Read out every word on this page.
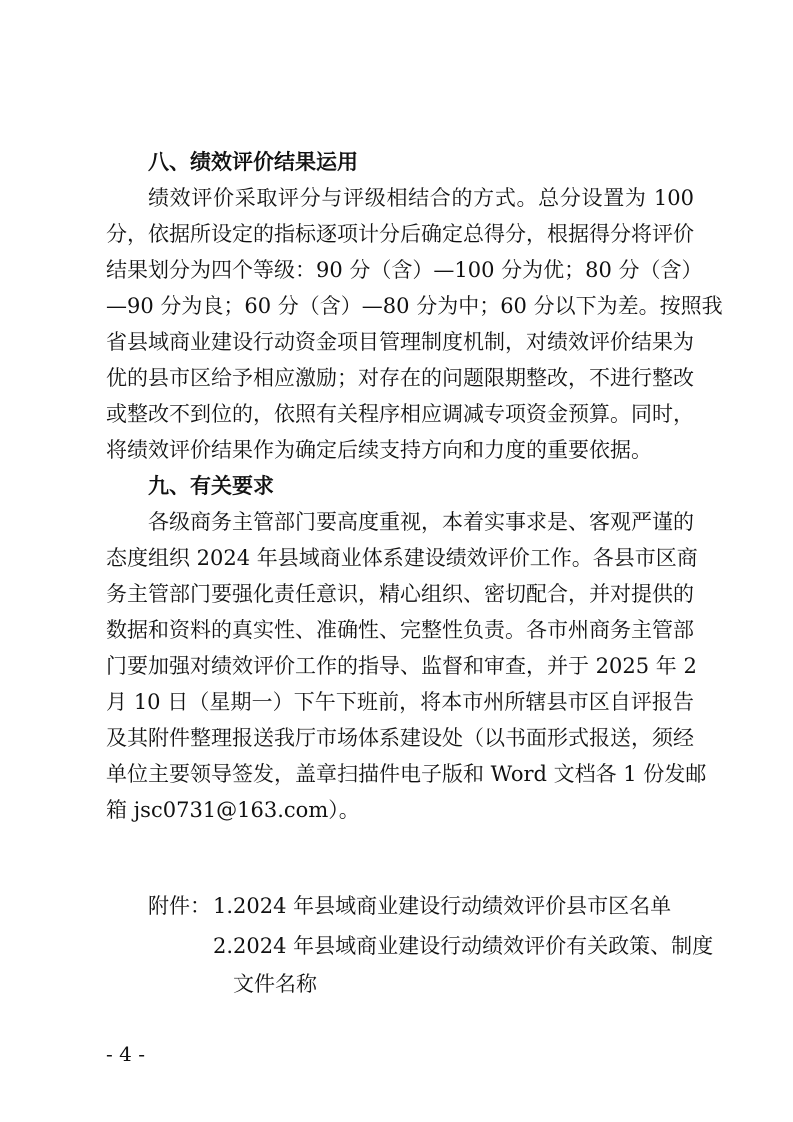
八、绩效评价结果运用
绩效评价采取评分与评级相结合的方式。总分设置为 100
分，依据所设定的指标逐项计分后确定总得分，根据得分将评价
结果划分为四个等级：90 分（含）—100 分为优；80 分（含）
—90 分为良；60 分（含）—80 分为中；60 分以下为差。按照我
省县域商业建设行动资金项目管理制度机制，对绩效评价结果为
优的县市区给予相应激励；对存在的问题限期整改，不进行整改
或整改不到位的，依照有关程序相应调减专项资金预算。同时，
将绩效评价结果作为确定后续支持方向和力度的重要依据。
九、有关要求
各级商务主管部门要高度重视，本着实事求是、客观严谨的
态度组织 2024 年县域商业体系建设绩效评价工作。各县市区商
务主管部门要强化责任意识，精心组织、密切配合，并对提供的
数据和资料的真实性、准确性、完整性负责。各市州商务主管部
门要加强对绩效评价工作的指导、监督和审查，并于 2025 年 2
月 10 日（星期一）下午下班前，将本市州所辖县市区自评报告
及其附件整理报送我厅市场体系建设处（以书面形式报送，须经
单位主要领导签发，盖章扫描件电子版和 Word 文档各 1 份发邮
箱 jsc0731@163.com）。
附件： 1.2024 年县域商业建设行动绩效评价县市区名单
2.2024 年县域商业建设行动绩效评价有关政策、制度
文件名称
- 4 -
